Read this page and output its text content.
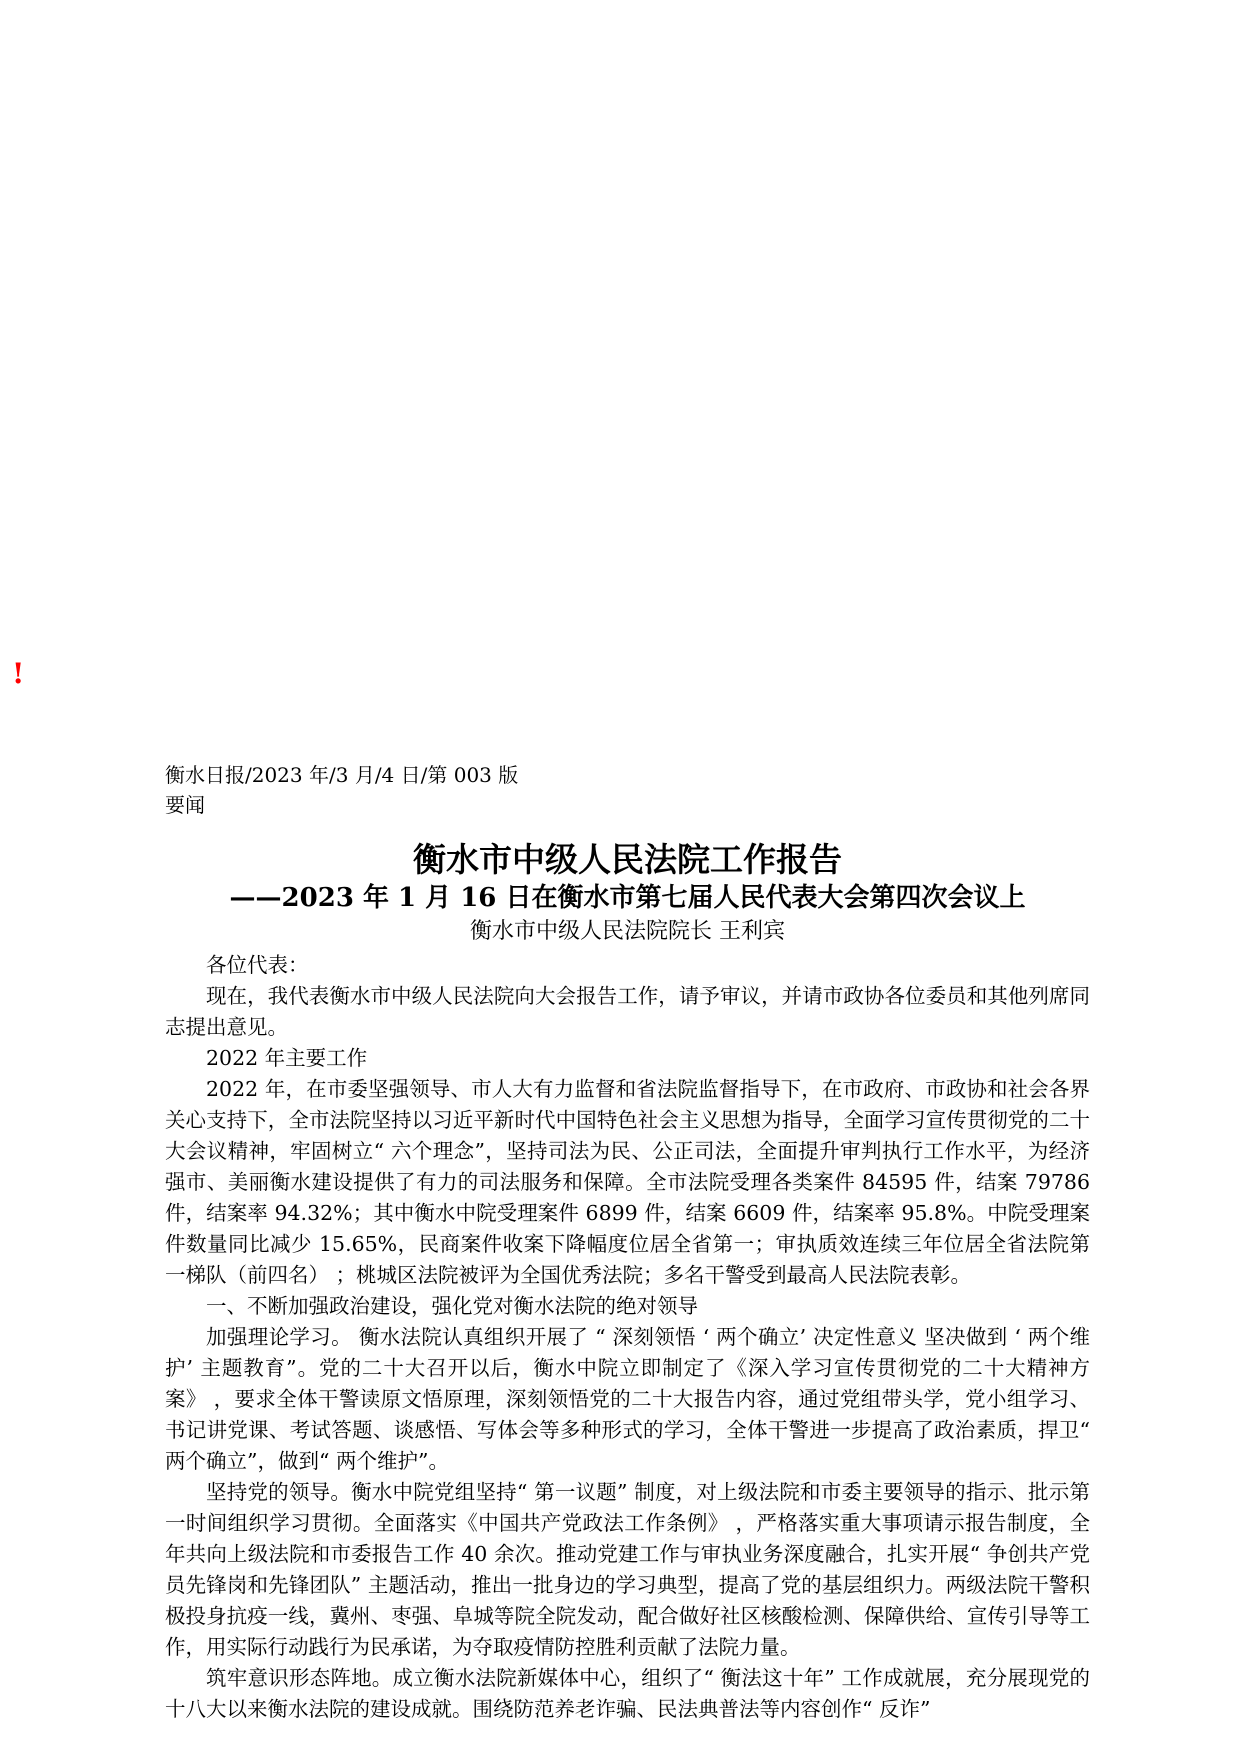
!
衡水日报/2023 年/3 月/4 日/第 003 版要闻
衡水市中级人民法院工作报告
——2023 年 1 月 16 日在衡水市第七届人民代表大会第四次会议上
衡水市中级人民法院院长 王利宾

各位代表：

现在，我代表衡水市中级人民法院向大会报告工作，请予审议，并请市政协各位委员和其他列席同志提出意见。

2022 年主要工作

2022 年，在市委坚强领导、市人大有力监督和省法院监督指导下，在市政府、市政协和社会各界关心支持下，全市法院坚持以习近平新时代中国特色社会主义思想为指导，全面学习宣传贯彻党的二十大会议精神，牢固树立“ 六个理念”，坚持司法为民、公正司法，全面提升审判执行工作水平，为经济强市、美丽衡水建设提供了有力的司法服务和保障。全市法院受理各类案件 84595 件，结案 79786 件，结案率 94.32%；其中衡水中院受理案件 6899 件，结案 6609 件，结案率 95.8%。中院受理案件数量同比减少 15.65%，民商案件收案下降幅度位居全省第一；审执质效连续三年位居全省法院第一梯队（前四名） ；桃城区法院被评为全国优秀法院；多名干警受到最高人民法院表彰。

一、不断加强政治建设，强化党对衡水法院的绝对领导

加强理论学习。 衡水法院认真组织开展了 “ 深刻领悟 ‘ 两个确立’ 决定性意义 坚决做到 ‘ 两个维护’ 主题教育”。党的二十大召开以后，衡水中院立即制定了《深入学习宣传贯彻党的二十大精神方案》 ，要求全体干警读原文悟原理，深刻领悟党的二十大报告内容，通过党组带头学，党小组学习、书记讲党课、考试答题、谈感悟、写体会等多种形式的学习，全体干警进一步提高了政治素质，捍卫“ 两个确立”，做到“ 两个维护”。

坚持党的领导。衡水中院党组坚持“ 第一议题” 制度，对上级法院和市委主要领导的指示、批示第一时间组织学习贯彻。全面落实《中国共产党政法工作条例》 ，严格落实重大事项请示报告制度，全年共向上级法院和市委报告工作 40 余次。推动党建工作与审执业务深度融合，扎实开展“ 争创共产党员先锋岗和先锋团队” 主题活动，推出一批身边的学习典型，提高了党的基层组织力。两级法院干警积极投身抗疫一线，冀州、枣强、阜城等院全院发动，配合做好社区核酸检测、保障供给、宣传引导等工作，用实际行动践行为民承诺，为夺取疫情防控胜利贡献了法院力量。

筑牢意识形态阵地。成立衡水法院新媒体中心，组织了“ 衡法这十年” 工作成就展，充分展现党的十八大以来衡水法院的建设成就。围绕防范养老诈骗、民法典普法等内容创作“ 反诈”
